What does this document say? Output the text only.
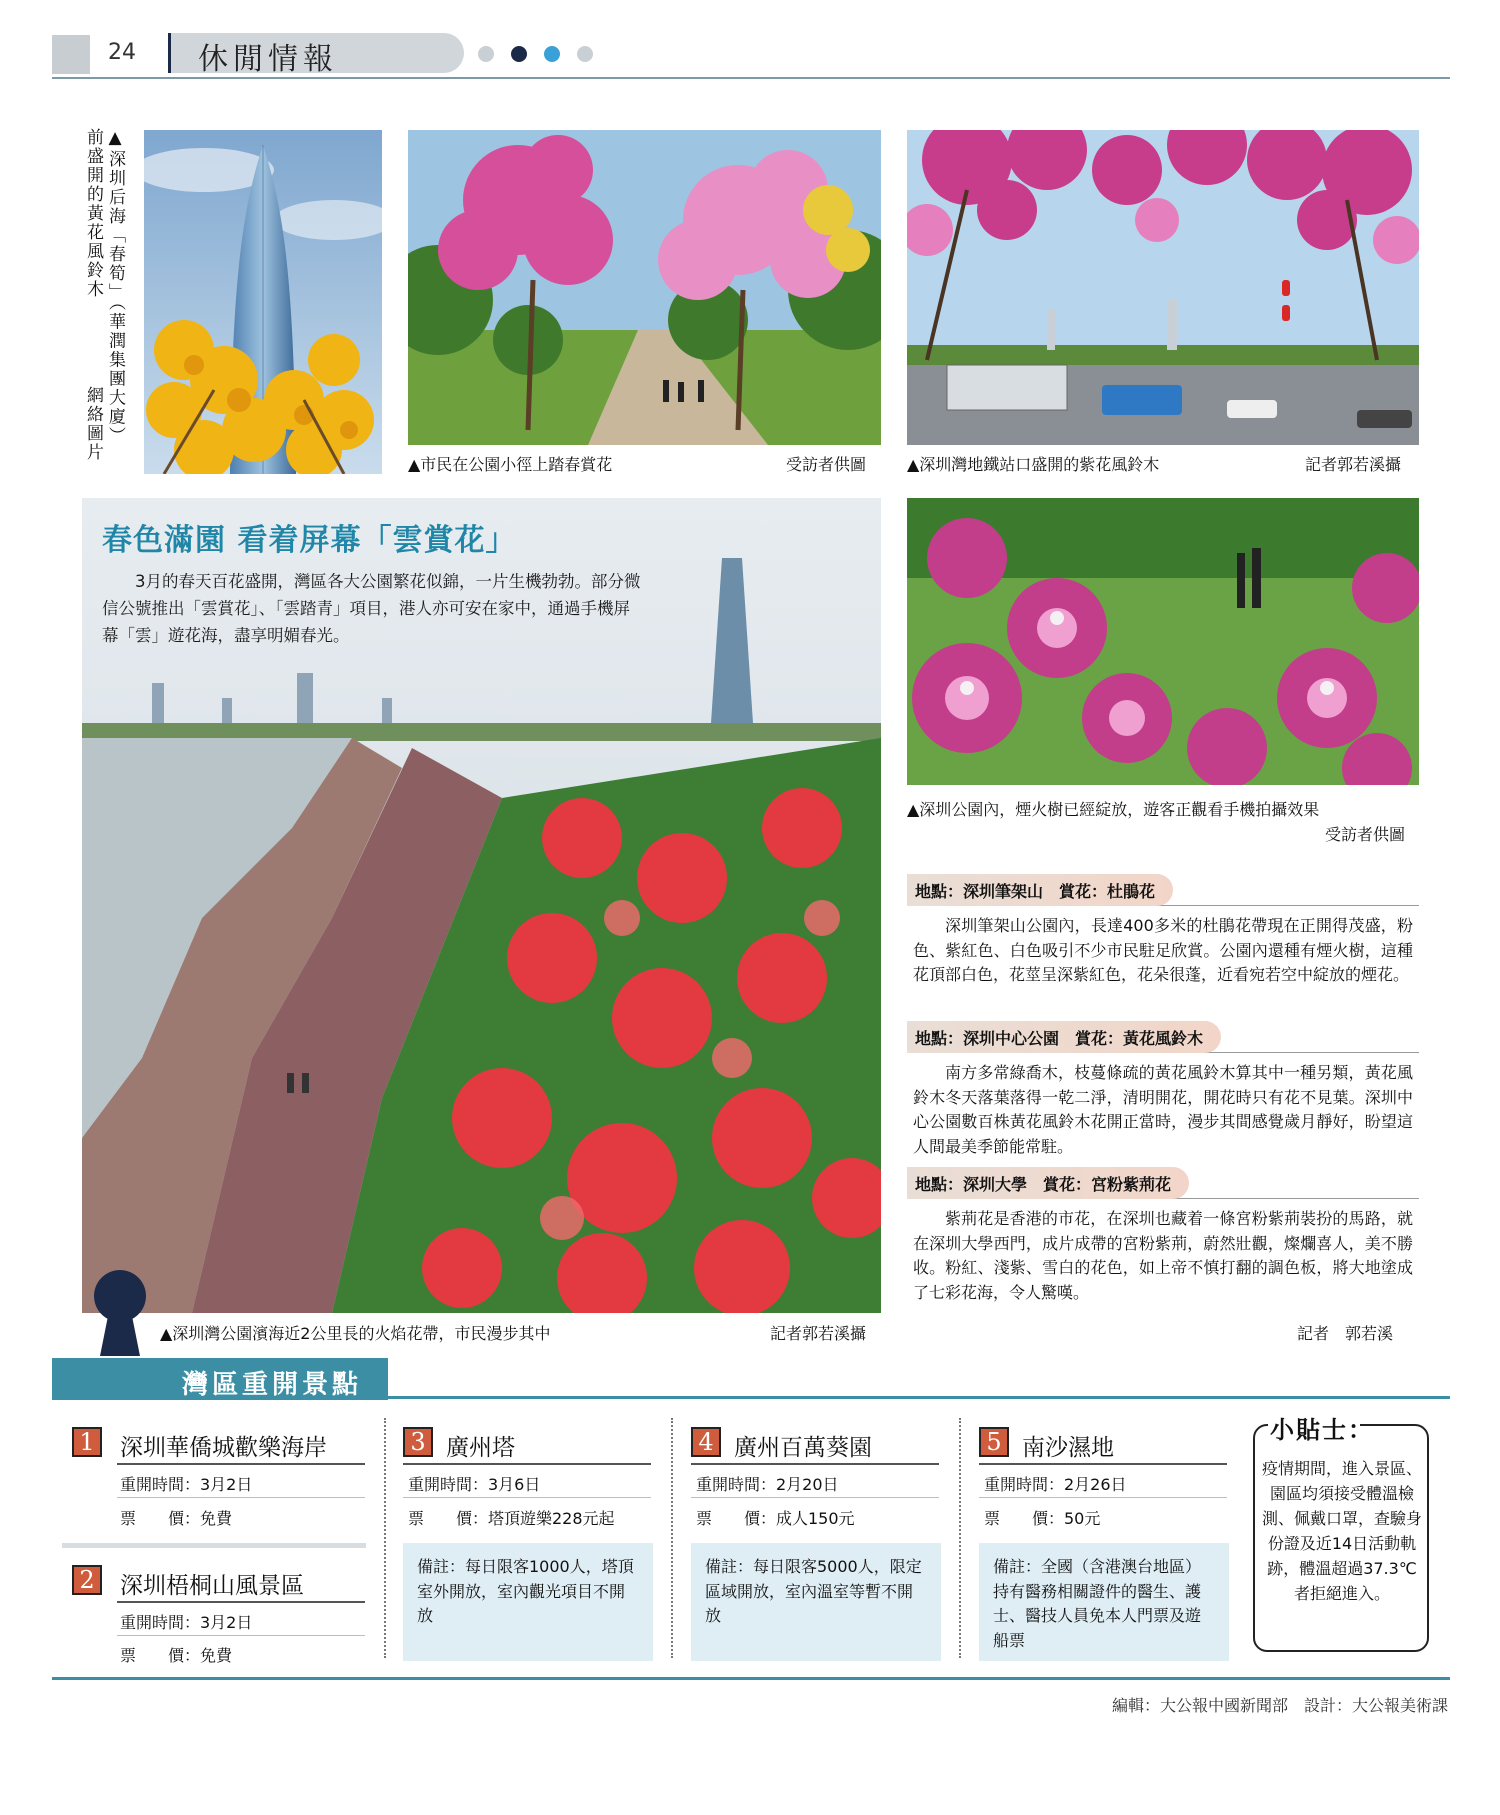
24 休閒情報
▲深圳后海「春筍」（華潤集團大廈）前盛開的黃花風鈴木
網絡圖片
▲市民在公園小徑上踏春賞花	受訪者供圖	▲深圳灣地鐵站口盛開的紫花風鈴木	記者郭若溪攝
春色滿園 看着屏幕「雲賞花」
3月的春天百花盛開，灣區各大公園繁花似錦，一片生機勃勃。部分微信公號推出「雲賞花」、「雲踏青」項目，港人亦可安在家中，通過手機屏幕「雲」遊花海，盡享明媚春光。
▲深圳灣公園濱海近2公里長的火焰花帶，市民漫步其中	記者郭若溪攝
▲深圳公園內，煙火樹已經綻放，遊客正觀看手機拍攝效果
受訪者供圖
地點：深圳筆架山　賞花：杜鵑花
深圳筆架山公園內，長達400多米的杜鵑花帶現在正開得茂盛，粉色、紫紅色、白色吸引不少市民駐足欣賞。公園內還種有煙火樹，這種花頂部白色，花莖呈深紫紅色，花朵很蓬，近看宛若空中綻放的煙花。
地點：深圳中心公園　賞花：黃花風鈴木
南方多常綠喬木，枝蔓條疏的黃花風鈴木算其中一種另類，黃花風鈴木冬天落葉落得一乾二淨，清明開花，開花時只有花不見葉。深圳中心公園數百株黃花風鈴木花開正當時，漫步其間感覺歲月靜好，盼望這人間最美季節能常駐。
地點：深圳大學　賞花：宮粉紫荊花
紫荊花是香港的市花，在深圳也藏着一條宮粉紫荊裝扮的馬路，就在深圳大學西門，成片成帶的宮粉紫荊，蔚然壯觀，燦爛喜人，美不勝收。粉紅、淺紫、雪白的花色，如上帝不慎打翻的調色板，將大地塗成了七彩花海，令人驚嘆。
記者　郭若溪
灣區重開景點
1	深圳華僑城歡樂海岸
重開時間：3月2日
票　　價：免費
2	深圳梧桐山風景區
重開時間：3月2日
票　　價：免費
3 廣州塔
重開時間：3月6日
票　　價：塔頂遊樂228元起
備註：每日限客1000人，塔頂室外開放，室內觀光項目不開放
4 廣州百萬葵園
重開時間：2月20日
票　　價：成人150元
備註：每日限客5000人，限定區域開放，室內溫室等暫不開放
5 南沙濕地
重開時間：2月26日
票　　價：50元
備註：全國（含港澳台地區）持有醫務相關證件的醫生、護士、醫技人員免本人門票及遊船票
小貼士：
疫情期間，進入景區、園區均須接受體溫檢測、佩戴口罩，查驗身份證及近14日活動軌跡，體溫超過37.3℃者拒絕進入。
編輯：大公報中國新聞部　設計：大公報美術課
